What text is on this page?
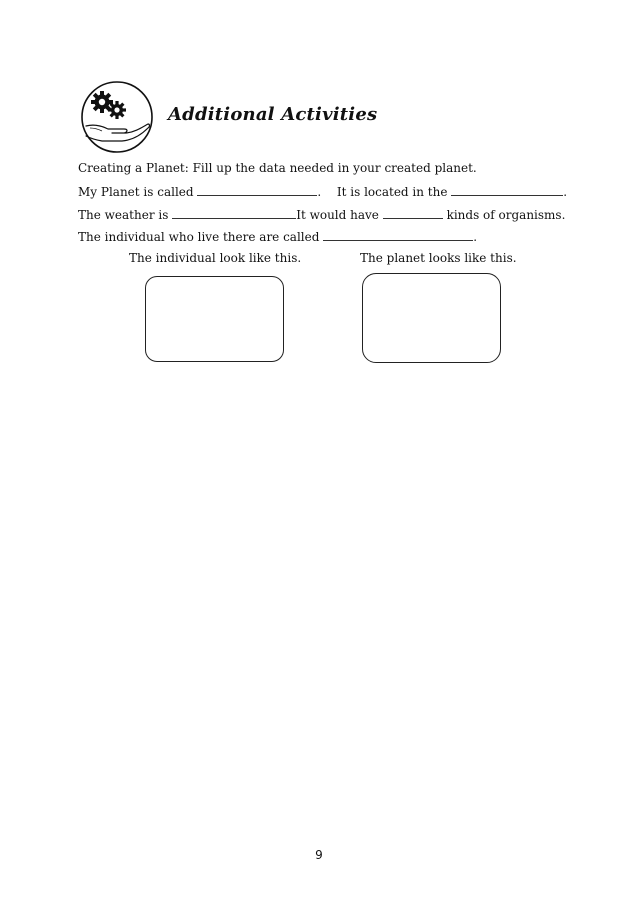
Additional Activities
Creating a Planet: Fill up the data needed in your created planet.
My Planet is called	. It is located in the	.
The weather is	It would have	kinds of organisms.
The individual who live there are called	.
The individual look like this.	The planet looks like this.
9
